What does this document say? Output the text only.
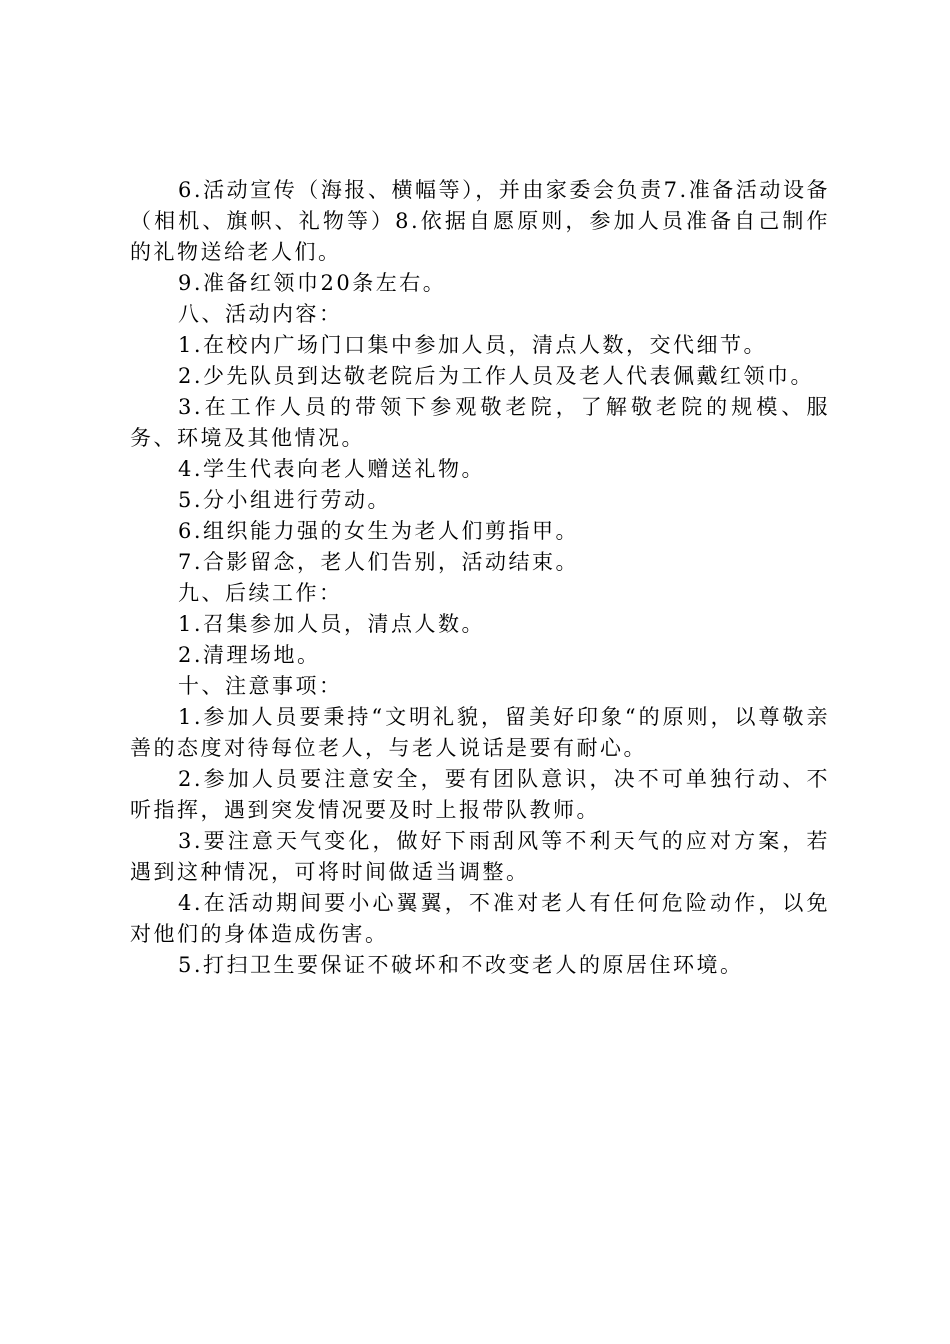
6.活动宣传（海报、横幅等），并由家委会负责7.准备活动设备（相机、旗帜、礼物等）8.依据自愿原则，参加人员准备自己制作的礼物送给老人们。

9.准备红领巾20条左右。

八、活动内容：

1.在校内广场门口集中参加人员，清点人数，交代细节。

2.少先队员到达敬老院后为工作人员及老人代表佩戴红领巾。

3.在工作人员的带领下参观敬老院，了解敬老院的规模、服务、环境及其他情况。

4.学生代表向老人赠送礼物。

5.分小组进行劳动。

6.组织能力强的女生为老人们剪指甲。

7.合影留念，老人们告别，活动结束。

九、后续工作：

1.召集参加人员，清点人数。

2.清理场地。

十、注意事项：

1.参加人员要秉持“文明礼貌，留美好印象“的原则，以尊敬亲善的态度对待每位老人，与老人说话是要有耐心。

2.参加人员要注意安全，要有团队意识，决不可单独行动、不听指挥，遇到突发情况要及时上报带队教师。

3.要注意天气变化，做好下雨刮风等不利天气的应对方案，若遇到这种情况，可将时间做适当调整。

4.在活动期间要小心翼翼，不准对老人有任何危险动作，以免对他们的身体造成伤害。

5.打扫卫生要保证不破坏和不改变老人的原居住环境。
